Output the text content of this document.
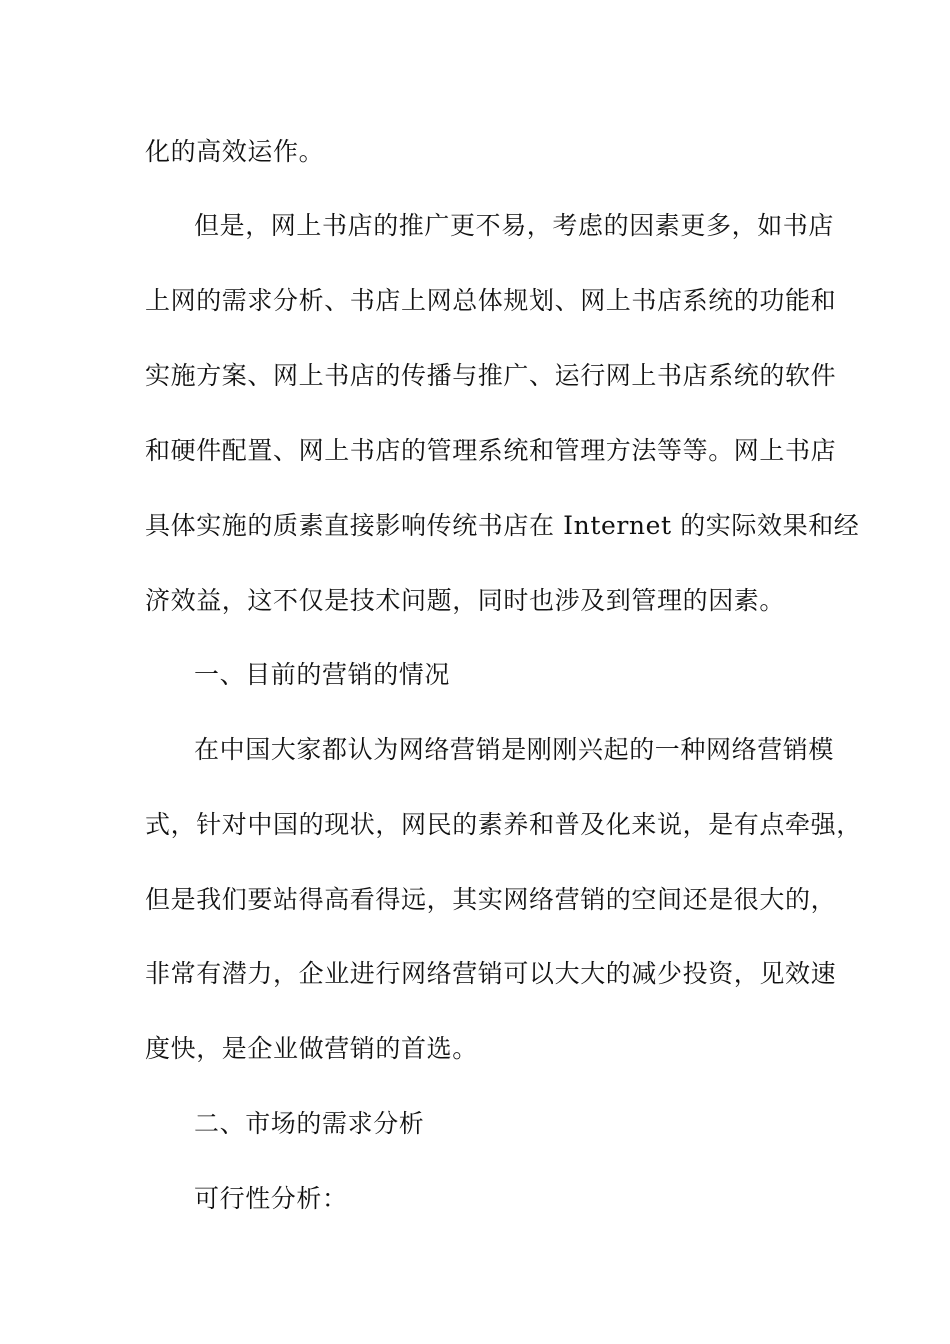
化的高效运作。
但是，网上书店的推广更不易，考虑的因素更多，如书店
上网的需求分析、书店上网总体规划、网上书店系统的功能和
实施方案、网上书店的传播与推广、运行网上书店系统的软件
和硬件配置、网上书店的管理系统和管理方法等等。网上书店
具体实施的质素直接影响传统书店在 Internet 的实际效果和经
济效益，这不仅是技术问题，同时也涉及到管理的因素。
一、目前的营销的情况
在中国大家都认为网络营销是刚刚兴起的一种网络营销模
式，针对中国的现状，网民的素养和普及化来说，是有点牵强，
但是我们要站得高看得远，其实网络营销的空间还是很大的，
非常有潜力，企业进行网络营销可以大大的减少投资，见效速
度快，是企业做营销的首选。
二、市场的需求分析
可行性分析：
